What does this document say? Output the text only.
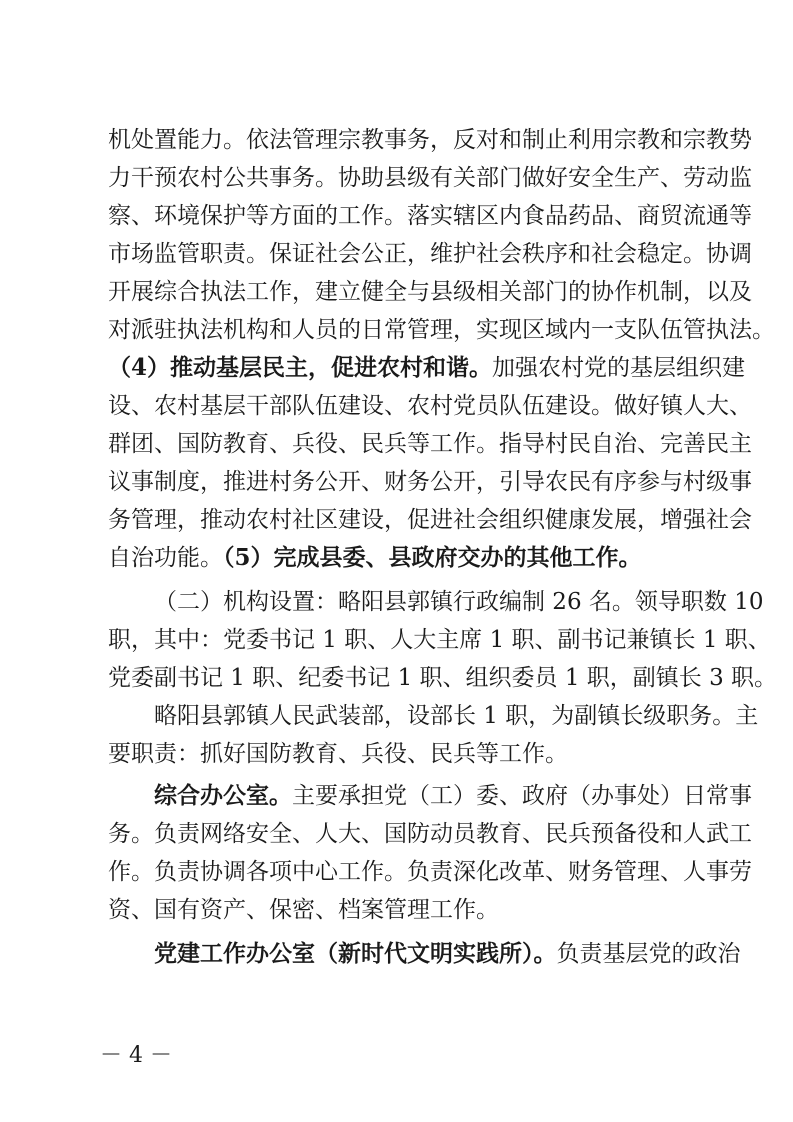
机处置能力。依法管理宗教事务，反对和制止利用宗教和宗教势
力干预农村公共事务。协助县级有关部门做好安全生产、劳动监
察、环境保护等方面的工作。落实辖区内食品药品、商贸流通等
市场监管职责。保证社会公正，维护社会秩序和社会稳定。协调
开展综合执法工作，建立健全与县级相关部门的协作机制，以及
对派驻执法机构和人员的日常管理，实现区域内一支队伍管执法。
（4）推动基层民主，促进农村和谐。加强农村党的基层组织建
设、农村基层干部队伍建设、农村党员队伍建设。做好镇人大、
群团、国防教育、兵役、民兵等工作。指导村民自治、完善民主
议事制度，推进村务公开、财务公开，引导农民有序参与村级事
务管理，推动农村社区建设，促进社会组织健康发展，增强社会
自治功能。（5）完成县委、县政府交办的其他工作。
（二）机构设置：略阳县郭镇行政编制 26 名。领导职数 10
职，其中：党委书记 1 职、人大主席 1 职、副书记兼镇长 1 职、
党委副书记 1 职、纪委书记 1 职、组织委员 1 职，副镇长 3 职。
略阳县郭镇人民武装部，设部长 1 职，为副镇长级职务。主
要职责：抓好国防教育、兵役、民兵等工作。
综合办公室。主要承担党（工）委、政府（办事处）日常事
务。负责网络安全、人大、国防动员教育、民兵预备役和人武工
作。负责协调各项中心工作。负责深化改革、财务管理、人事劳
资、国有资产、保密、档案管理工作。
党建工作办公室（新时代文明实践所）。负责基层党的政治
－ 4 －
